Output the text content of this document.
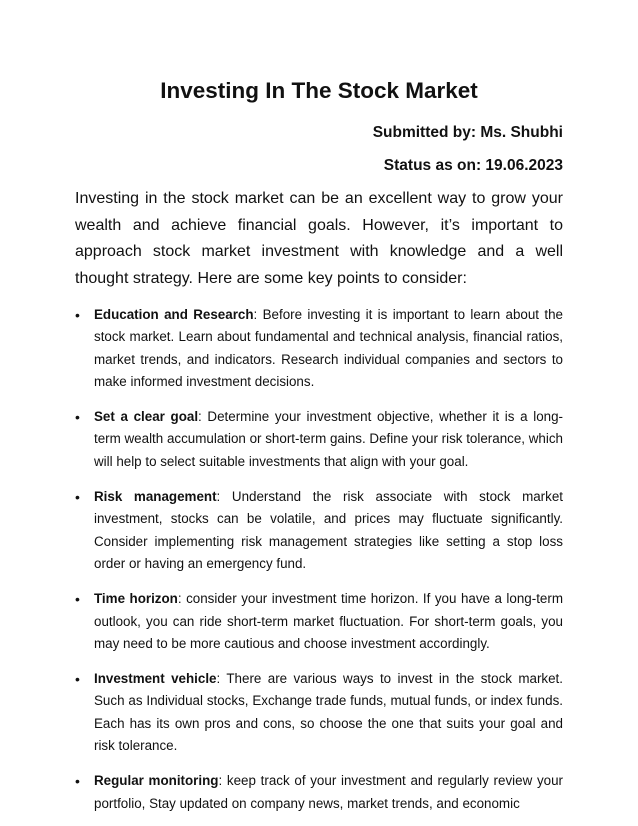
Investing In The Stock Market
Submitted by: Ms. Shubhi
Status as on: 19.06.2023

Investing in the stock market can be an excellent way to grow your wealth and achieve financial goals. However, it’s important to approach stock market investment with knowledge and a well thought strategy. Here are some key points to consider:

• Education and Research: Before investing it is important to learn about the stock market. Learn about fundamental and technical analysis, financial ratios, market trends, and indicators. Research individual companies and sectors to make informed investment decisions.
• Set a clear goal: Determine your investment objective, whether it is a long-term wealth accumulation or short-term gains. Define your risk tolerance, which will help to select suitable investments that align with your goal.
• Risk management: Understand the risk associate with stock market investment, stocks can be volatile, and prices may fluctuate significantly. Consider implementing risk management strategies like setting a stop loss order or having an emergency fund.
• Time horizon: consider your investment time horizon. If you have a long-term outlook, you can ride short-term market fluctuation. For short-term goals, you may need to be more cautious and choose investment accordingly.
• Investment vehicle: There are various ways to invest in the stock market. Such as Individual stocks, Exchange trade funds, mutual funds, or index funds. Each has its own pros and cons, so choose the one that suits your goal and risk tolerance.
• Regular monitoring: keep track of your investment and regularly review your portfolio, Stay updated on company news, market trends, and economic
